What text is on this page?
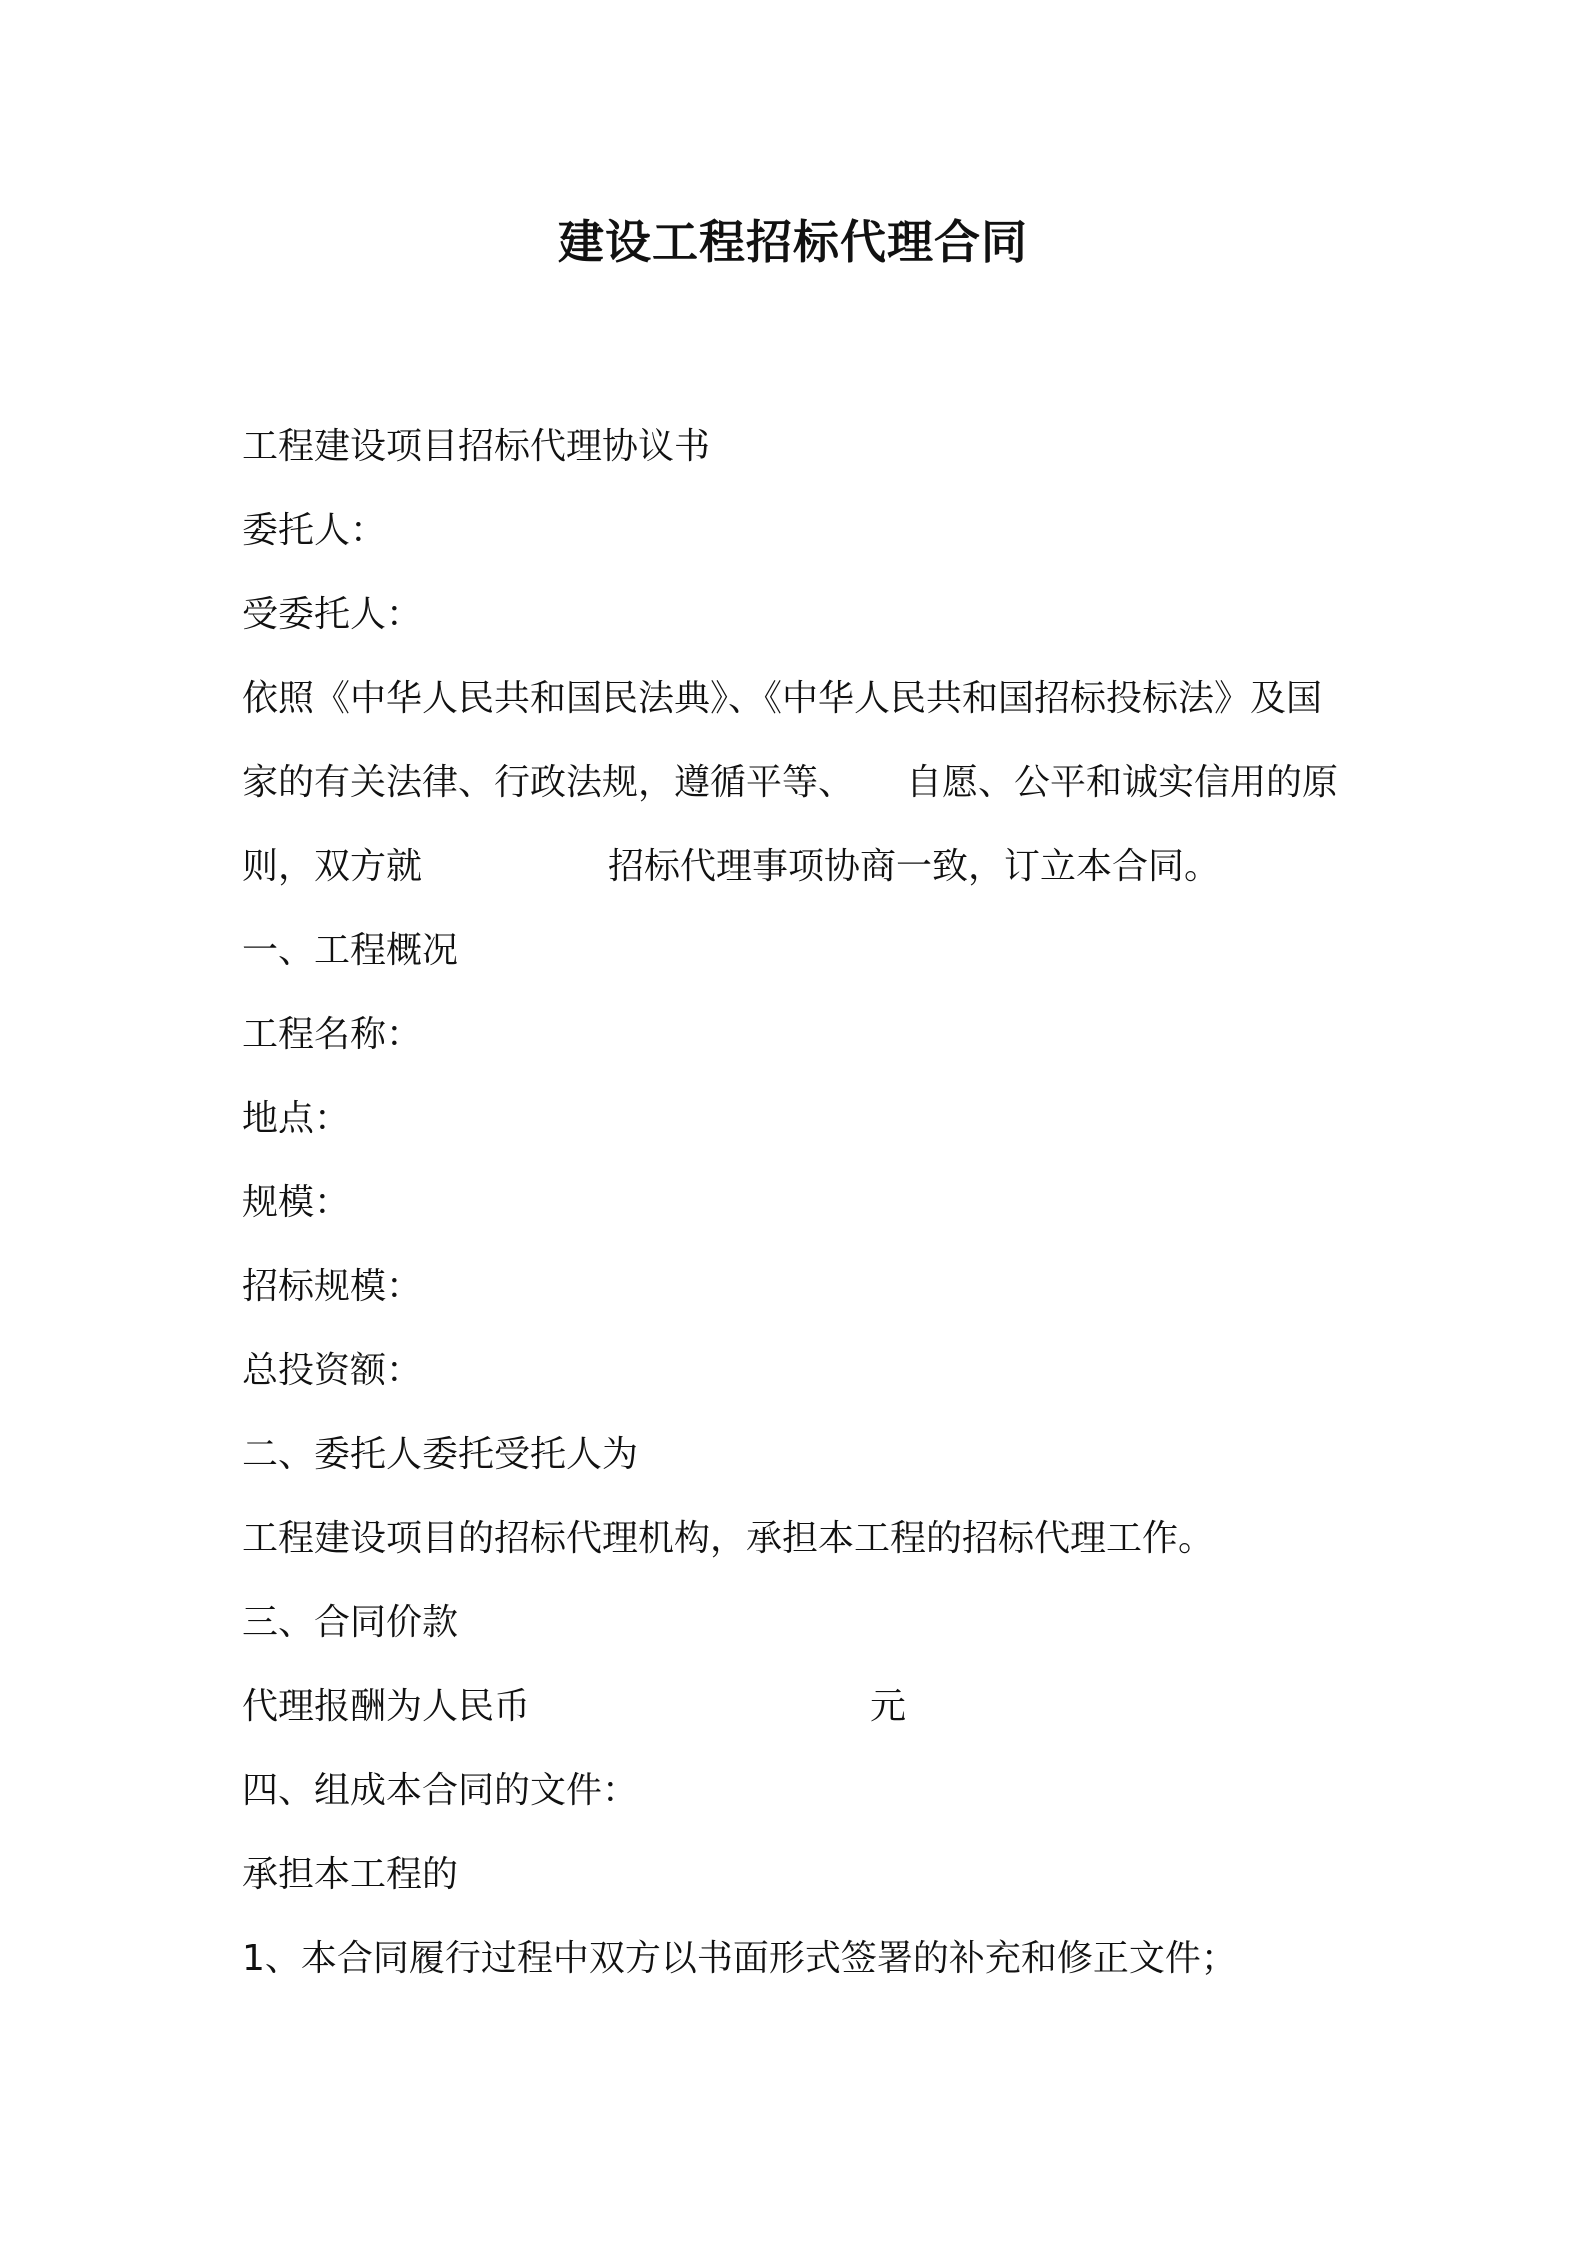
建设工程招标代理合同
工程建设项目招标代理协议书
委托人：
受委托人：
依照《中华人民共和国民法典》、《中华人民共和国招标投标法》及国
家的有关法律、行政法规，遵循平等、 自愿、公平和诚实信用的原
则，双方就	招标代理事项协商一致，订立本合同。
一、工程概况
工程名称：
地点：
规模：
招标规模：
总投资额：
二、委托人委托受托人为
工程建设项目的招标代理机构，承担本工程的招标代理工作。
三、合同价款
代理报酬为人民币	元
四、组成本合同的文件：
承担本工程的
1、本合同履行过程中双方以书面形式签署的补充和修正文件；
